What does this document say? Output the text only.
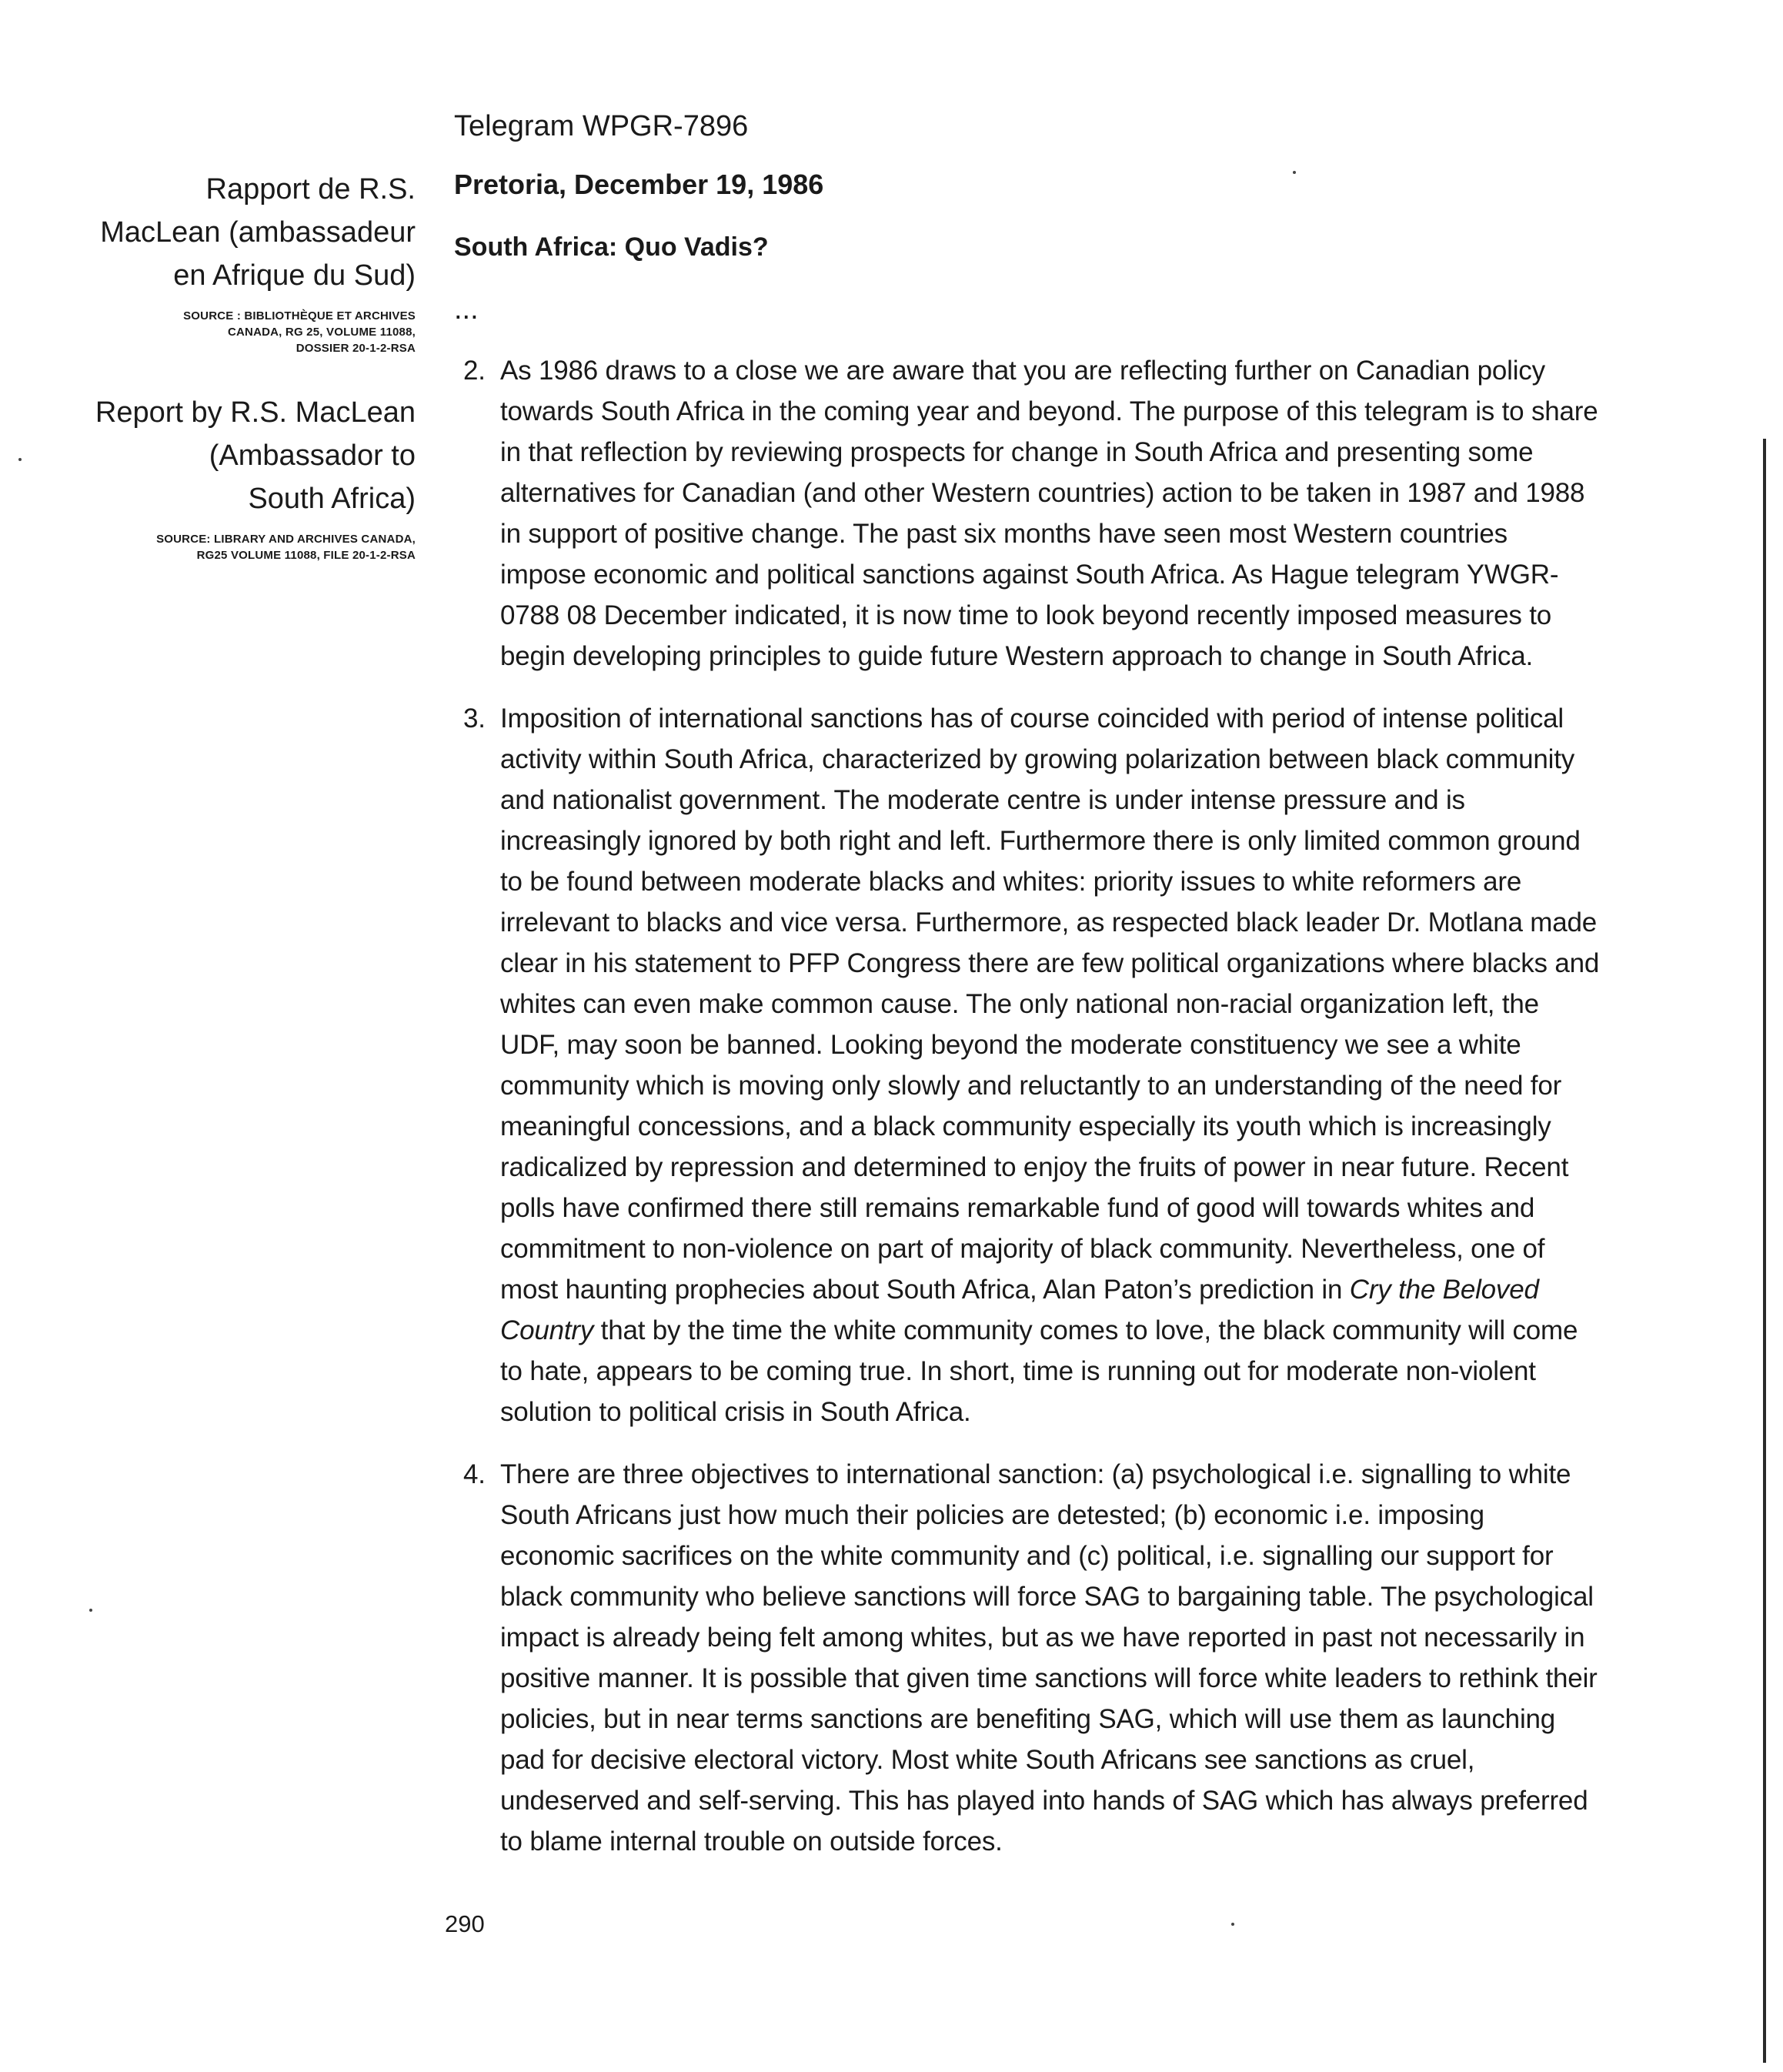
Rapport de R.S.
MacLean (ambassadeur
en Afrique du Sud)

SOURCE : BIBLIOTHÈQUE ET ARCHIVES
CANADA, RG 25, VOLUME 11088,
DOSSIER 20-1-2-RSA

Report by R.S. MacLean
(Ambassador to
South Africa)

SOURCE: LIBRARY AND ARCHIVES CANADA,
RG25 VOLUME 11088, FILE 20-1-2-RSA

Telegram WPGR-7896

Pretoria, December 19, 1986

South Africa: Quo Vadis?

...

2. As 1986 draws to a close we are aware that you are reflecting further on Canadian policy towards South Africa in the coming year and beyond. The purpose of this telegram is to share in that reflection by reviewing prospects for change in South Africa and presenting some alternatives for Canadian (and other Western countries) action to be taken in 1987 and 1988 in support of positive change. The past six months have seen most Western countries impose economic and political sanctions against South Africa. As Hague telegram YWGR-0788 08 December indicated, it is now time to look beyond recently imposed measures to begin developing principles to guide future Western approach to change in South Africa.
3. Imposition of international sanctions has of course coincided with period of intense political activity within South Africa, characterized by growing polarization between black community and nationalist government. The moderate centre is under intense pressure and is increasingly ignored by both right and left. Furthermore there is only limited common ground to be found between moderate blacks and whites: priority issues to white reformers are irrelevant to blacks and vice versa. Furthermore, as respected black leader Dr. Motlana made clear in his statement to PFP Congress there are few political organizations where blacks and whites can even make common cause. The only national non-racial organization left, the UDF, may soon be banned. Looking beyond the moderate constituency we see a white community which is moving only slowly and reluctantly to an understanding of the need for meaningful concessions, and a black community especially its youth which is increasingly radicalized by repression and determined to enjoy the fruits of power in near future. Recent polls have confirmed there still remains remarkable fund of good will towards whites and commitment to non-violence on part of majority of black community. Nevertheless, one of most haunting prophecies about South Africa, Alan Paton’s prediction in Cry the Beloved Country that by the time the white community comes to love, the black community will come to hate, appears to be coming true. In short, time is running out for moderate non-violent solution to political crisis in South Africa.
4. There are three objectives to international sanction: (a) psychological i.e. signalling to white South Africans just how much their policies are detested; (b) economic i.e. imposing economic sacrifices on the white community and (c) political, i.e. signalling our support for black community who believe sanctions will force SAG to bargaining table. The psychological impact is already being felt among whites, but as we have reported in past not necessarily in positive manner. It is possible that given time sanctions will force white leaders to rethink their policies, but in near terms sanctions are benefiting SAG, which will use them as launching pad for decisive electoral victory. Most white South Africans see sanctions as cruel, undeserved and self-serving. This has played into hands of SAG which has always preferred to blame internal trouble on outside forces.

290
